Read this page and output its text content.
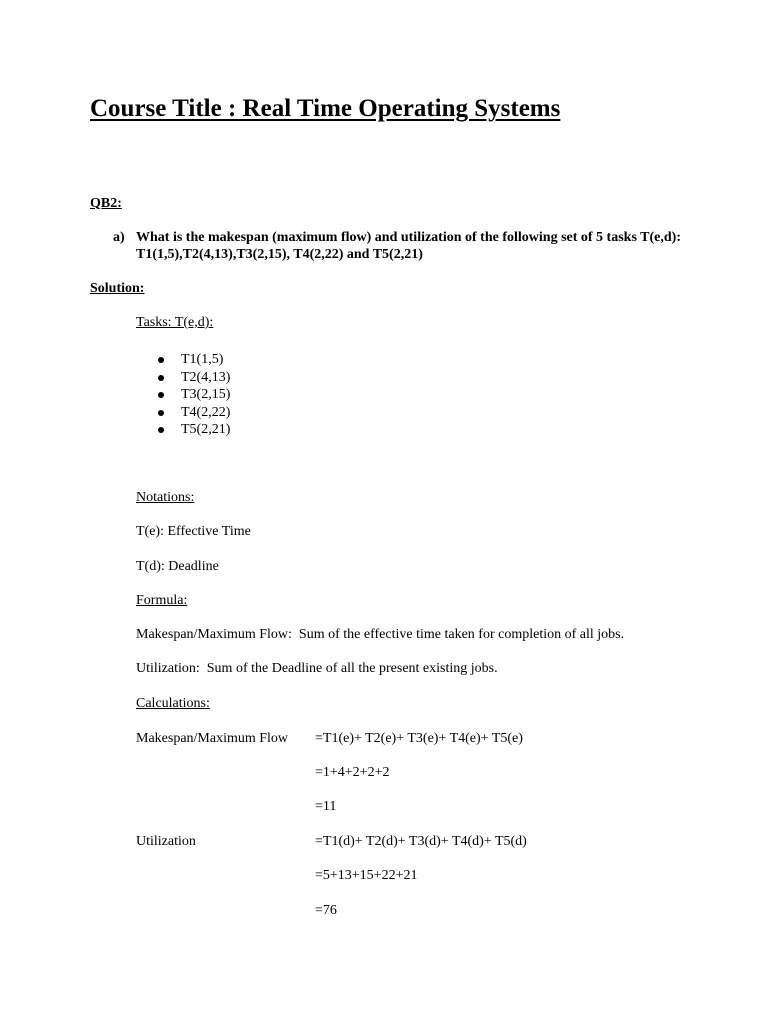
Course Title : Real Time Operating Systems
QB2:
a) What is the makespan (maximum flow) and utilization of the following set of 5 tasks T(e,d):
T1(1,5),T2(4,13),T3(2,15), T4(2,22) and T5(2,21)
Solution:
Tasks: T(e,d):
T1(1,5)
T2(4,13)
T3(2,15)
T4(2,22)
T5(2,21)
Notations:
T(e): Effective Time
T(d): Deadline
Formula:
Makespan/Maximum Flow:  Sum of the effective time taken for completion of all jobs.
Utilization:  Sum of the Deadline of all the present existing jobs.
Calculations:
Makespan/Maximum Flow =T1(e)+ T2(e)+ T3(e)+ T4(e)+ T5(e)
=1+4+2+2+2
=11
Utilization	=T1(d)+ T2(d)+ T3(d)+ T4(d)+ T5(d)
=5+13+15+22+21
=76
